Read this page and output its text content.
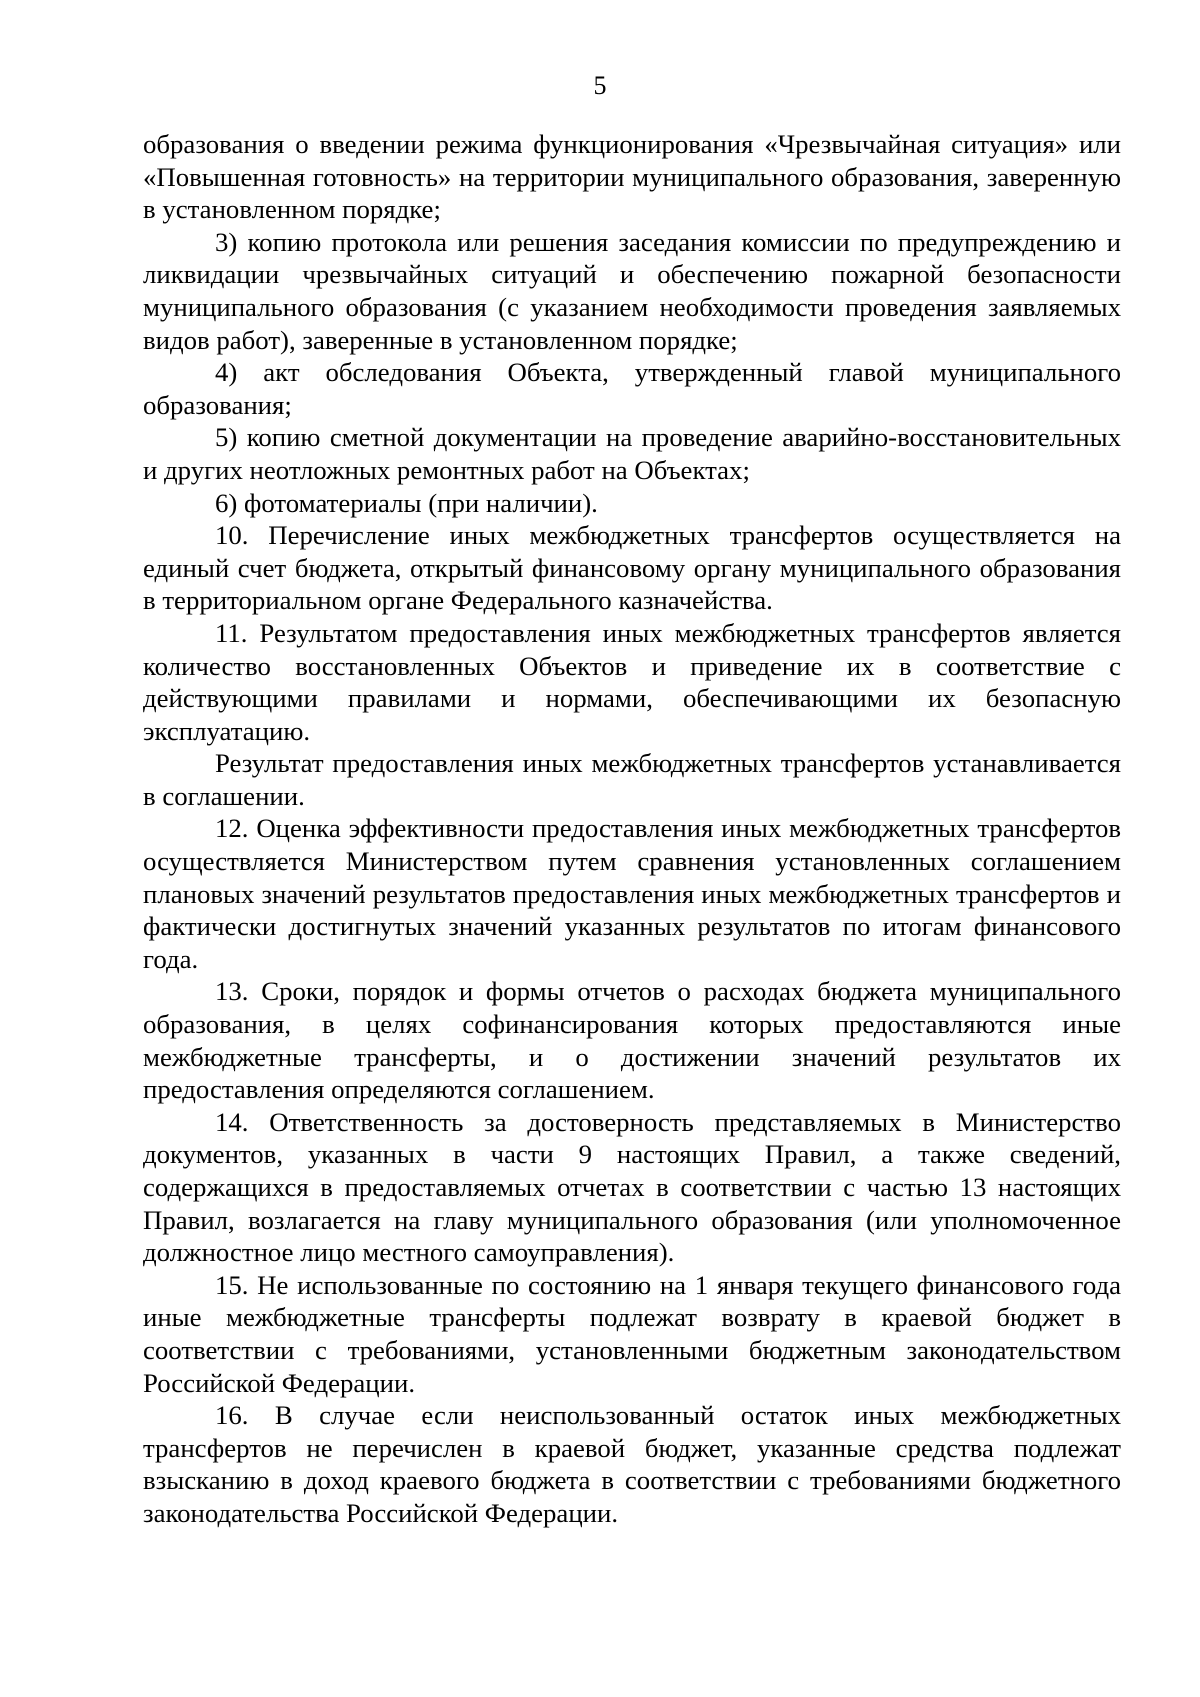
5

образования о введении режима функционирования «Чрезвычайная ситуация» или «Повышенная готовность» на территории муниципального образования, заверенную в установленном порядке;

3) копию протокола или решения заседания комиссии по предупреждению и ликвидации чрезвычайных ситуаций и обеспечению пожарной безопасности муниципального образования (с указанием необходимости проведения заявляемых видов работ), заверенные в установленном порядке;

4) акт обследования Объекта, утвержденный главой муниципального образования;

5) копию сметной документации на проведение аварийно-восстановительных и других неотложных ремонтных работ на Объектах;

6) фотоматериалы (при наличии).

10. Перечисление иных межбюджетных трансфертов осуществляется на единый счет бюджета, открытый финансовому органу муниципального образования в территориальном органе Федерального казначейства.

11. Результатом предоставления иных межбюджетных трансфертов является количество восстановленных Объектов и приведение их в соответствие с действующими правилами и нормами, обеспечивающими их безопасную эксплуатацию.

Результат предоставления иных межбюджетных трансфертов устанавливается в соглашении.

12. Оценка эффективности предоставления иных межбюджетных трансфертов осуществляется Министерством путем сравнения установленных соглашением плановых значений результатов предоставления иных межбюджетных трансфертов и фактически достигнутых значений указанных результатов по итогам финансового года.

13. Сроки, порядок и формы отчетов о расходах бюджета муниципального образования, в целях софинансирования которых предоставляются иные межбюджетные трансферты, и о достижении значений результатов их предоставления определяются соглашением.

14. Ответственность за достоверность представляемых в Министерство документов, указанных в части 9 настоящих Правил, а также сведений, содержащихся в предоставляемых отчетах в соответствии с частью 13 настоящих Правил, возлагается на главу муниципального образования (или уполномоченное должностное лицо местного самоуправления).

15. Не использованные по состоянию на 1 января текущего финансового года иные межбюджетные трансферты подлежат возврату в краевой бюджет в соответствии с требованиями, установленными бюджетным законодательством Российской Федерации.

16. В случае если неиспользованный остаток иных межбюджетных трансфертов не перечислен в краевой бюджет, указанные средства подлежат взысканию в доход краевого бюджета в соответствии с требованиями бюджетного законодательства Российской Федерации.
